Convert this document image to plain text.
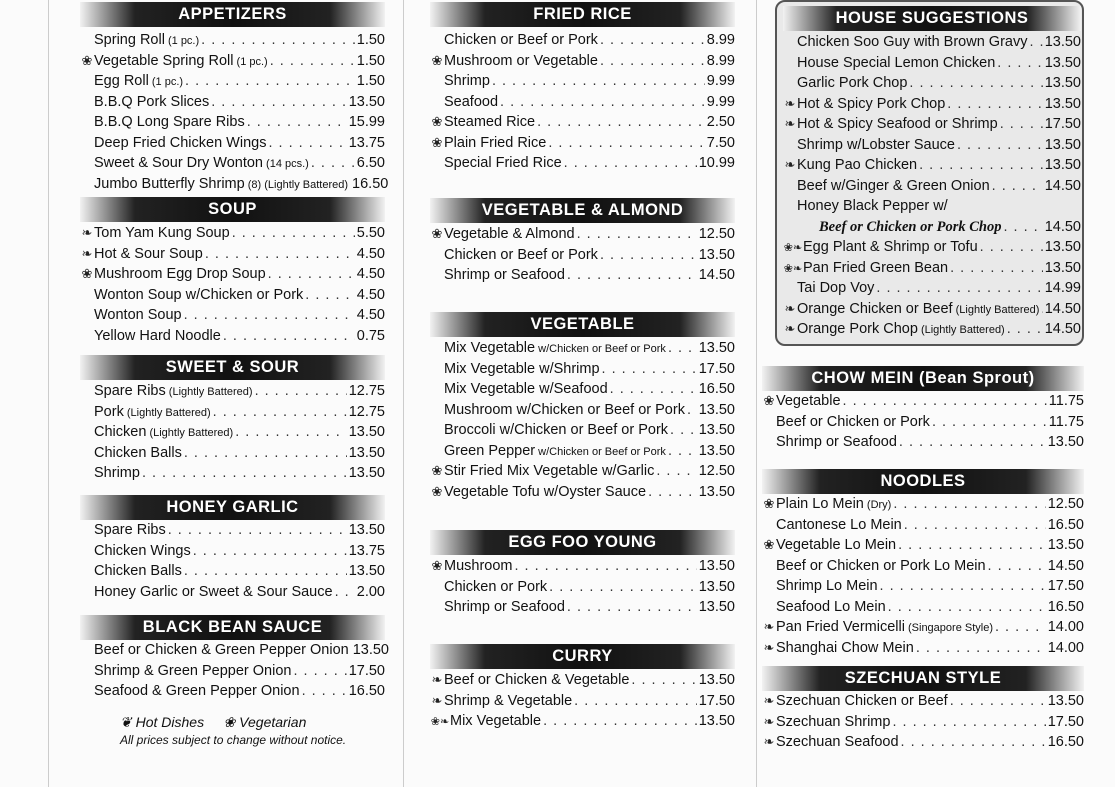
APPETIZERS
Spring Roll (1 pc.) . . .	1.50
❀ Vegetable Spring Roll (1 pc.) . . .	1.50
Egg Roll (1 pc.) . . .	1.50
B.B.Q Pork Slices . . .	13.50
B.B.Q Long Spare Ribs . . .	15.99
Deep Fried Chicken Wings . . .	13.75
Sweet & Sour Dry Wonton (14 pcs.) . . .	6.50
Jumbo Butterfly Shrimp (8) (Lightly Battered) 16.50
SOUP
❧ Tom Yam Kung Soup . . .	5.50
❧ Hot & Sour Soup . . .	4.50
❀ Mushroom Egg Drop Soup . . .	4.50
Wonton Soup w/Chicken or Pork . . .	4.50
Wonton Soup . . .	4.50
Yellow Hard Noodle . . .	0.75
SWEET & SOUR
Spare Ribs (Lightly Battered) . . .	12.75
Pork (Lightly Battered) . . .	12.75
Chicken (Lightly Battered) . . .	13.50
Chicken Balls . . .	13.50
Shrimp . . .	13.50
HONEY GARLIC
Spare Ribs . . .	13.50
Chicken Wings . . .	13.75
Chicken Balls . . .	13.50
Honey Garlic or Sweet & Sour Sauce . . . 2.00
BLACK BEAN SAUCE
Beef or Chicken & Green Pepper Onion 13.50
Shrimp & Green Pepper Onion . . .	17.50
Seafood & Green Pepper Onion . . .	16.50
❦ Hot Dishes ❀ Vegetarian
All prices subject to change without notice.
FRIED RICE
Chicken or Beef or Pork . . .	8.99
❀ Mushroom or Vegetable . . .	8.99
Shrimp . . .	9.99
Seafood . . .	9.99
❀ Steamed Rice . . .	2.50
❀ Plain Fried Rice . . .	7.50
Special Fried Rice . . .	10.99
VEGETABLE & ALMOND
❀ Vegetable & Almond . . .	12.50
Chicken or Beef or Pork . . .	13.50
Shrimp or Seafood . . .	14.50
VEGETABLE
Mix Vegetable w/Chicken or Beef or Pork . . . 13.50
Mix Vegetable w/Shrimp . . .	17.50
Mix Vegetable w/Seafood . . .	16.50
Mushroom w/Chicken or Beef or Pork . . . 13.50
Broccoli w/Chicken or Beef or Pork . . . 13.50
Green Pepper w/Chicken or Beef or Pork . . . 13.50
❀ Stir Fried Mix Vegetable w/Garlic . . .	12.50
❀ Vegetable Tofu w/Oyster Sauce . . .	13.50
EGG FOO YOUNG
❀ Mushroom . . .	13.50
Chicken or Pork . . .	13.50
Shrimp or Seafood . . .	13.50
CURRY
❧ Beef or Chicken & Vegetable . . .	13.50
❧ Shrimp & Vegetable . . .	17.50
❀❧ Mix Vegetable . . .	13.50
HOUSE SUGGESTIONS
Chicken Soo Guy with Brown Gravy . . . 13.50
House Special Lemon Chicken . . .	13.50
Garlic Pork Chop . . .	13.50
❧ Hot & Spicy Pork Chop . . .	13.50
❧ Hot & Spicy Seafood or Shrimp . . .	17.50
Shrimp w/Lobster Sauce . . .	13.50
❧ Kung Pao Chicken . . .	13.50
Beef w/Ginger & Green Onion . . .	14.50
Honey Black Pepper w/
Beef or Chicken or Pork Chop . . .	14.50
❀❧ Egg Plant & Shrimp or Tofu . . .	13.50
❀❧ Pan Fried Green Bean . . .	13.50
Tai Dop Voy . . .	14.99
❧ Orange Chicken or Beef (Lightly Battered) . . . 14.50
❧ Orange Pork Chop (Lightly Battered) . . .	14.50
CHOW MEIN (Bean Sprout)
❀ Vegetable . . .	11.75
Beef or Chicken or Pork . . .	11.75
Shrimp or Seafood . . .	13.50
NOODLES
❀ Plain Lo Mein (Dry) . . .	12.50
Cantonese Lo Mein . . .	16.50
❀ Vegetable Lo Mein . . .	13.50
Beef or Chicken or Pork Lo Mein . . .	14.50
Shrimp Lo Mein . . .	17.50
Seafood Lo Mein . . .	16.50
❧ Pan Fried Vermicelli (Singapore Style) . . .	14.00
❧ Shanghai Chow Mein . . .	14.00
SZECHUAN STYLE
❧ Szechuan Chicken or Beef . . .	13.50
❧ Szechuan Shrimp . . .	17.50
❧ Szechuan Seafood . . .	16.50
